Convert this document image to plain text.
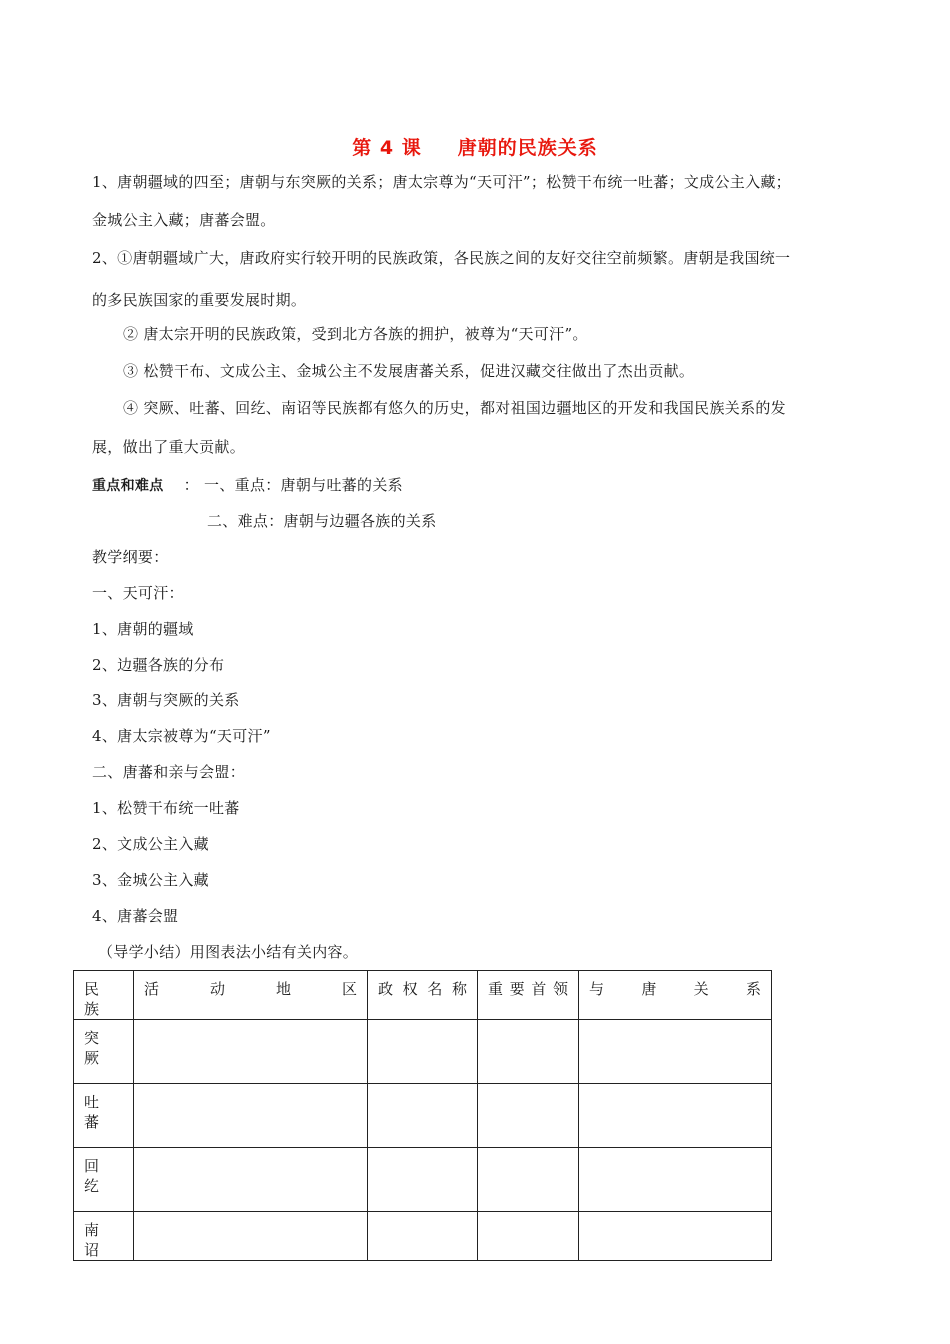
第 4 课 唐朝的民族关系
1、唐朝疆域的四至；唐朝与东突厥的关系；唐太宗尊为“天可汗”；松赞干布统一吐蕃；文成公主入藏；
金城公主入藏；唐蕃会盟。
2、①唐朝疆域广大，唐政府实行较开明的民族政策，各民族之间的友好交往空前频繁。唐朝是我国统一
的多民族国家的重要发展时期。
② 唐太宗开明的民族政策，受到北方各族的拥护，被尊为“天可汗”。
③ 松赞干布、文成公主、金城公主不发展唐蕃关系，促进汉藏交往做出了杰出贡献。
④ 突厥、吐蕃、回纥、南诏等民族都有悠久的历史，都对祖国边疆地区的开发和我国民族关系的发
展，做出了重大贡献。
重点和难点 ： 一、重点：唐朝与吐蕃的关系
二、难点：唐朝与边疆各族的关系
教学纲要：
一、天可汗：
1、唐朝的疆域
2、边疆各族的分布
3、唐朝与突厥的关系
4、唐太宗被尊为“天可汗”
二、唐蕃和亲与会盟：
1、松赞干布统一吐蕃
2、文成公主入藏
3、金城公主入藏
4、唐蕃会盟
（导学小结）用图表法小结有关内容。
民族	活 动 地 区	政 权 名 称	重 要 首 领	与 唐 关 系

突厥				
吐蕃				
回纥				
南诏				
